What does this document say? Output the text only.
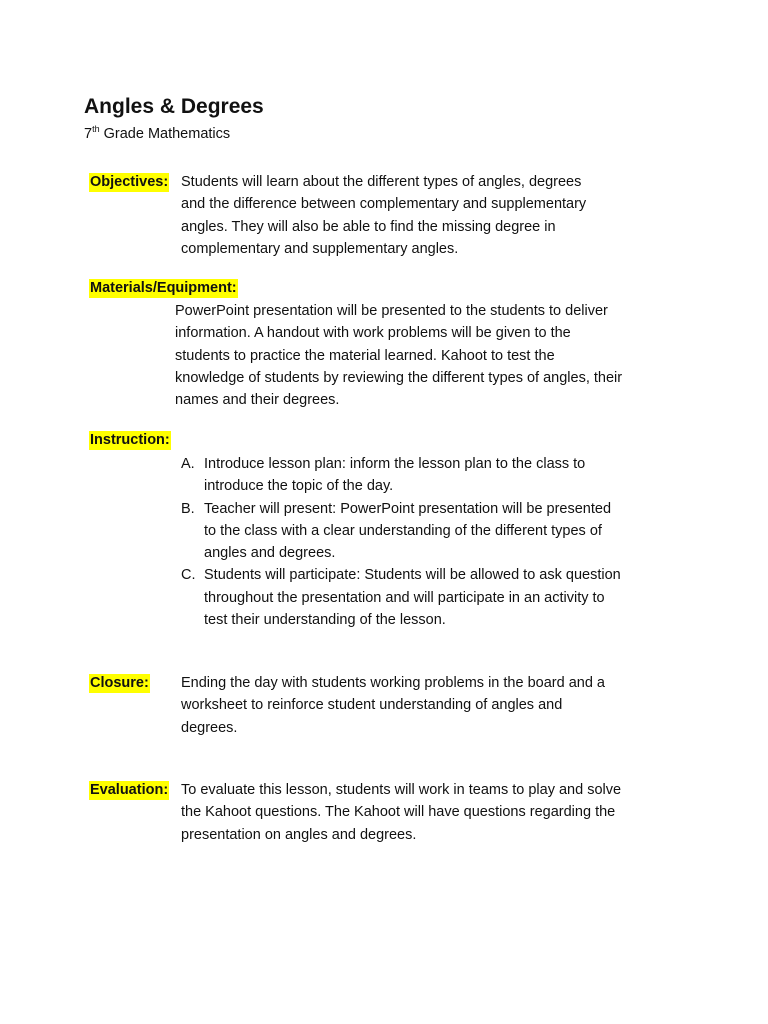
Angles & Degrees
7th Grade Mathematics
Objectives: Students will learn about the different types of angles, degrees
and the difference between complementary and supplementary
angles. They will also be able to find the missing degree in
complementary and supplementary angles.
Materials/Equipment:
PowerPoint presentation will be presented to the students to deliver
information. A handout with work problems will be given to the
students to practice the material learned. Kahoot to test the
knowledge of students by reviewing the different types of angles, their
names and their degrees.
Instruction:
A. Introduce lesson plan: inform the lesson plan to the class to
introduce the topic of the day.
B. Teacher will present: PowerPoint presentation will be presented
to the class with a clear understanding of the different types of
angles and degrees.
C. Students will participate: Students will be allowed to ask question
throughout the presentation and will participate in an activity to
test their understanding of the lesson.
Closure: Ending the day with students working problems in the board and a
worksheet to reinforce student understanding of angles and
degrees.
Evaluation: To evaluate this lesson, students will work in teams to play and solve
the Kahoot questions. The Kahoot will have questions regarding the
presentation on angles and degrees.
